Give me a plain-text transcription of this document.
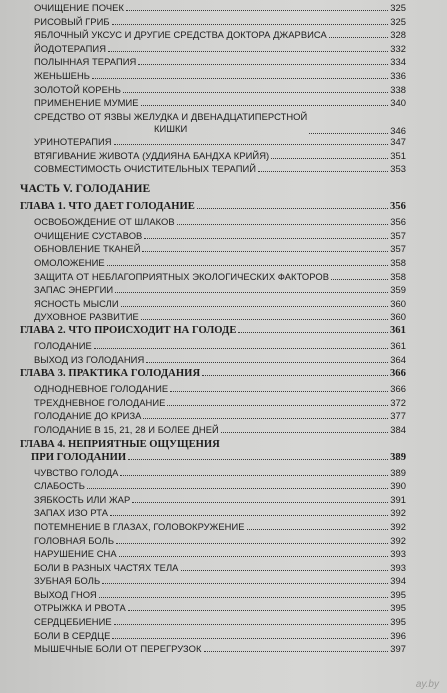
ОЧИЩЕНИЕ ПОЧЕК	325
РИСОВЫЙ ГРИБ	325
ЯБЛОЧНЫЙ УКСУС И ДРУГИЕ СРЕДСТВА ДОКТОРА ДЖАРВИСА	328
ЙОДОТЕРАПИЯ	332
ПОЛЫННАЯ ТЕРАПИЯ	334
ЖЕНЬШЕНЬ	336
ЗОЛОТОЙ КОРЕНЬ	338
ПРИМЕНЕНИЕ МУМИЕ	340
СРЕДСТВО ОТ ЯЗВЫ ЖЕЛУДКА И ДВЕНАДЦАТИПЕРСТНОЙ
КИШКИ	346
УРИНОТЕРАПИЯ	347
ВТЯГИВАНИЕ ЖИВОТА (УДДИЯНА БАНДХА КРИЙЯ)	351
СОВМЕСТИМОСТЬ ОЧИСТИТЕЛЬНЫХ ТЕРАПИЙ	353
ЧАСТЬ V. ГОЛОДАНИЕ
ГЛАВА 1. ЧТО ДАЕТ ГОЛОДАНИЕ	356
ОСВОБОЖДЕНИЕ ОТ ШЛАКОВ	356
ОЧИЩЕНИЕ СУСТАВОВ	357
ОБНОВЛЕНИЕ ТКАНЕЙ	357
ОМОЛОЖЕНИЕ	358
ЗАЩИТА ОТ НЕБЛАГОПРИЯТНЫХ ЭКОЛОГИЧЕСКИХ ФАКТОРОВ	358
ЗАПАС ЭНЕРГИИ	359
ЯСНОСТЬ МЫСЛИ	360
ДУХОВНОЕ РАЗВИТИЕ	360
ГЛАВА 2. ЧТО ПРОИСХОДИТ НА ГОЛОДЕ	361
ГОЛОДАНИЕ	361
ВЫХОД ИЗ ГОЛОДАНИЯ	364
ГЛАВА 3. ПРАКТИКА ГОЛОДАНИЯ	366
ОДНОДНЕВНОЕ ГОЛОДАНИЕ	366
ТРЕХДНЕВНОЕ ГОЛОДАНИЕ	372
ГОЛОДАНИЕ ДО КРИЗА	377
ГОЛОДАНИЕ В 15, 21, 28 И БОЛЕЕ ДНЕЙ	384
ГЛАВА 4. НЕПРИЯТНЫЕ ОЩУЩЕНИЯ
ПРИ ГОЛОДАНИИ	389
ЧУВСТВО ГОЛОДА	389
СЛАБОСТЬ	390
ЗЯБКОСТЬ ИЛИ ЖАР	391
ЗАПАХ ИЗО РТА	392
ПОТЕМНЕНИЕ В ГЛАЗАХ, ГОЛОВОКРУЖЕНИЕ	392
ГОЛОВНАЯ БОЛЬ	392
НАРУШЕНИЕ СНА	393
БОЛИ В РАЗНЫХ ЧАСТЯХ ТЕЛА	393
ЗУБНАЯ БОЛЬ	394
ВЫХОД ГНОЯ	395
ОТРЫЖКА И РВОТА	395
СЕРДЦЕБИЕНИЕ	395
БОЛИ В СЕРДЦЕ	396
МЫШЕЧНЫЕ БОЛИ ОТ ПЕРЕГРУЗОК	397
ay.by
